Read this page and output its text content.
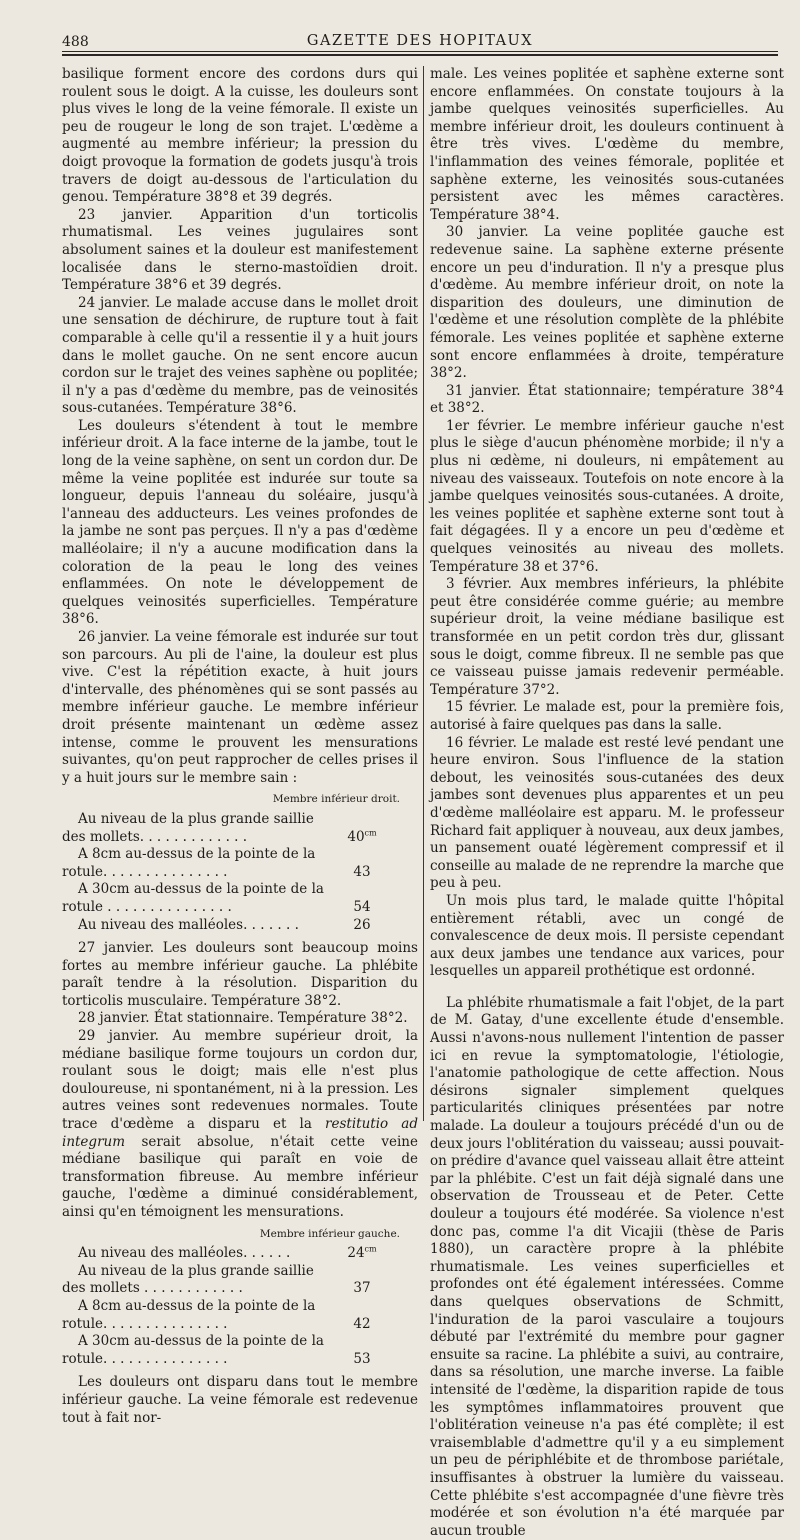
488	GAZETTE DES HOPITAUX

basilique forment encore des cordons durs qui roulent sous le doigt. A la cuisse, les douleurs sont plus vives le long de la veine fémorale. Il existe un peu de rougeur le long de son trajet. L'œdème a augmenté au membre inférieur; la pression du doigt provoque la formation de godets jusqu'à trois travers de doigt au-dessous de l'articulation du genou. Température 38°8 et 39 degrés.

23 janvier. Apparition d'un torticolis rhumatismal. Les veines jugulaires sont absolument saines et la douleur est manifestement localisée dans le sterno-mastoïdien droit. Température 38°6 et 39 degrés.

24 janvier. Le malade accuse dans le mollet droit une sensation de déchirure, de rupture tout à fait comparable à celle qu'il a ressentie il y a huit jours dans le mollet gauche. On ne sent encore aucun cordon sur le trajet des veines saphène ou poplitée; il n'y a pas d'œdème du membre, pas de veinosités sous-cutanées. Température 38°6.

Les douleurs s'étendent à tout le membre inférieur droit. A la face interne de la jambe, tout le long de la veine saphène, on sent un cordon dur. De même la veine poplitée est indurée sur toute sa longueur, depuis l'anneau du soléaire, jusqu'à l'anneau des adducteurs. Les veines profondes de la jambe ne sont pas perçues. Il n'y a pas d'œdème malléolaire; il n'y a aucune modification dans la coloration de la peau le long des veines enflammées. On note le développement de quelques veinosités superficielles. Température 38°6.

26 janvier. La veine fémorale est indurée sur tout son parcours. Au pli de l'aine, la douleur est plus vive. C'est la répétition exacte, à huit jours d'intervalle, des phénomènes qui se sont passés au membre inférieur gauche. Le membre inférieur droit présente maintenant un œdème assez intense, comme le prouvent les mensurations suivantes, qu'on peut rapprocher de celles prises il y a huit jours sur le membre sain :

Membre inférieur droit.
Au niveau de la plus grande saillie
des mollets. . . . . . . . . . . . .	$40^{cm}$
A 8cm au-dessus de la pointe de la
rotule. . . . . . . . . . . . . . .	43
A 30cm au-dessus de la pointe de la
rotule . . . . . . . . . . . . . . .	54
Au niveau des malléoles. . . . . . .	26

27 janvier. Les douleurs sont beaucoup moins fortes au membre inférieur gauche. La phlébite paraît tendre à la résolution. Disparition du torticolis musculaire. Température 38°2.

28 janvier. État stationnaire. Température 38°2.

29 janvier. Au membre supérieur droit, la médiane basilique forme toujours un cordon dur, roulant sous le doigt; mais elle n'est plus douloureuse, ni spontanément, ni à la pression. Les autres veines sont redevenues normales. Toute trace d'œdème a disparu et la restitutio ad integrum serait absolue, n'était cette veine médiane basilique qui paraît en voie de transformation fibreuse. Au membre inférieur gauche, l'œdème a diminué considérablement, ainsi qu'en témoignent les mensurations.

Membre inférieur gauche.
Au niveau des malléoles. . . . . .	$24^{cm}$
Au niveau de la plus grande saillie
des mollets . . . . . . . . . . . .	37
A 8cm au-dessus de la pointe de la
rotule. . . . . . . . . . . . . . .	42
A 30cm au-dessus de la pointe de la
rotule. . . . . . . . . . . . . . .	53

Les douleurs ont disparu dans tout le membre inférieur gauche. La veine fémorale est redevenue tout à fait nor-

male. Les veines poplitée et saphène externe sont encore enflammées. On constate toujours à la jambe quelques veinosités superficielles. Au membre inférieur droit, les douleurs continuent à être très vives. L'œdème du membre, l'inflammation des veines fémorale, poplitée et saphène externe, les veinosités sous-cutanées persistent avec les mêmes caractères. Température 38°4.

30 janvier. La veine poplitée gauche est redevenue saine. La saphène externe présente encore un peu d'induration. Il n'y a presque plus d'œdème. Au membre inférieur droit, on note la disparition des douleurs, une diminution de l'œdème et une résolution complète de la phlébite fémorale. Les veines poplitée et saphène externe sont encore enflammées à droite, température 38°2.

31 janvier. État stationnaire; température 38°4 et 38°2.

1er février. Le membre inférieur gauche n'est plus le siège d'aucun phénomène morbide; il n'y a plus ni œdème, ni douleurs, ni empâtement au niveau des vaisseaux. Toutefois on note encore à la jambe quelques veinosités sous-cutanées. A droite, les veines poplitée et saphène externe sont tout à fait dégagées. Il y a encore un peu d'œdème et quelques veinosités au niveau des mollets. Température 38 et 37°6.

3 février. Aux membres inférieurs, la phlébite peut être considérée comme guérie; au membre supérieur droit, la veine médiane basilique est transformée en un petit cordon très dur, glissant sous le doigt, comme fibreux. Il ne semble pas que ce vaisseau puisse jamais redevenir perméable. Température 37°2.

15 février. Le malade est, pour la première fois, autorisé à faire quelques pas dans la salle.

16 février. Le malade est resté levé pendant une heure environ. Sous l'influence de la station debout, les veinosités sous-cutanées des deux jambes sont devenues plus apparentes et un peu d'œdème malléolaire est apparu. M. le professeur Richard fait appliquer à nouveau, aux deux jambes, un pansement ouaté légèrement compressif et il conseille au malade de ne reprendre la marche que peu à peu.

Un mois plus tard, le malade quitte l'hôpital entièrement rétabli, avec un congé de convalescence de deux mois. Il persiste cependant aux deux jambes une tendance aux varices, pour lesquelles un appareil prothétique est ordonné.

La phlébite rhumatismale a fait l'objet, de la part de M. Gatay, d'une excellente étude d'ensemble. Aussi n'avons-nous nullement l'intention de passer ici en revue la symptomatologie, l'étiologie, l'anatomie pathologique de cette affection. Nous désirons signaler simplement quelques particularités cliniques présentées par notre malade. La douleur a toujours précédé d'un ou de deux jours l'oblitération du vaisseau; aussi pouvait-on prédire d'avance quel vaisseau allait être atteint par la phlébite. C'est un fait déjà signalé dans une observation de Trousseau et de Peter. Cette douleur a toujours été modérée. Sa violence n'est donc pas, comme l'a dit Vicajii (thèse de Paris 1880), un caractère propre à la phlébite rhumatismale. Les veines superficielles et profondes ont été également intéressées. Comme dans quelques observations de Schmitt, l'induration de la paroi vasculaire a toujours débuté par l'extrémité du membre pour gagner ensuite sa racine. La phlébite a suivi, au contraire, dans sa résolution, une marche inverse. La faible intensité de l'œdème, la disparition rapide de tous les symptômes inflammatoires prouvent que l'oblitération veineuse n'a pas été complète; il est vraisemblable d'admettre qu'il y a eu simplement un peu de périphlébite et de thrombose pariétale, insuffisantes à obstruer la lumière du vaisseau. Cette phlébite s'est accompagnée d'une fièvre très modérée et son évolution n'a été marquée par aucun trouble
